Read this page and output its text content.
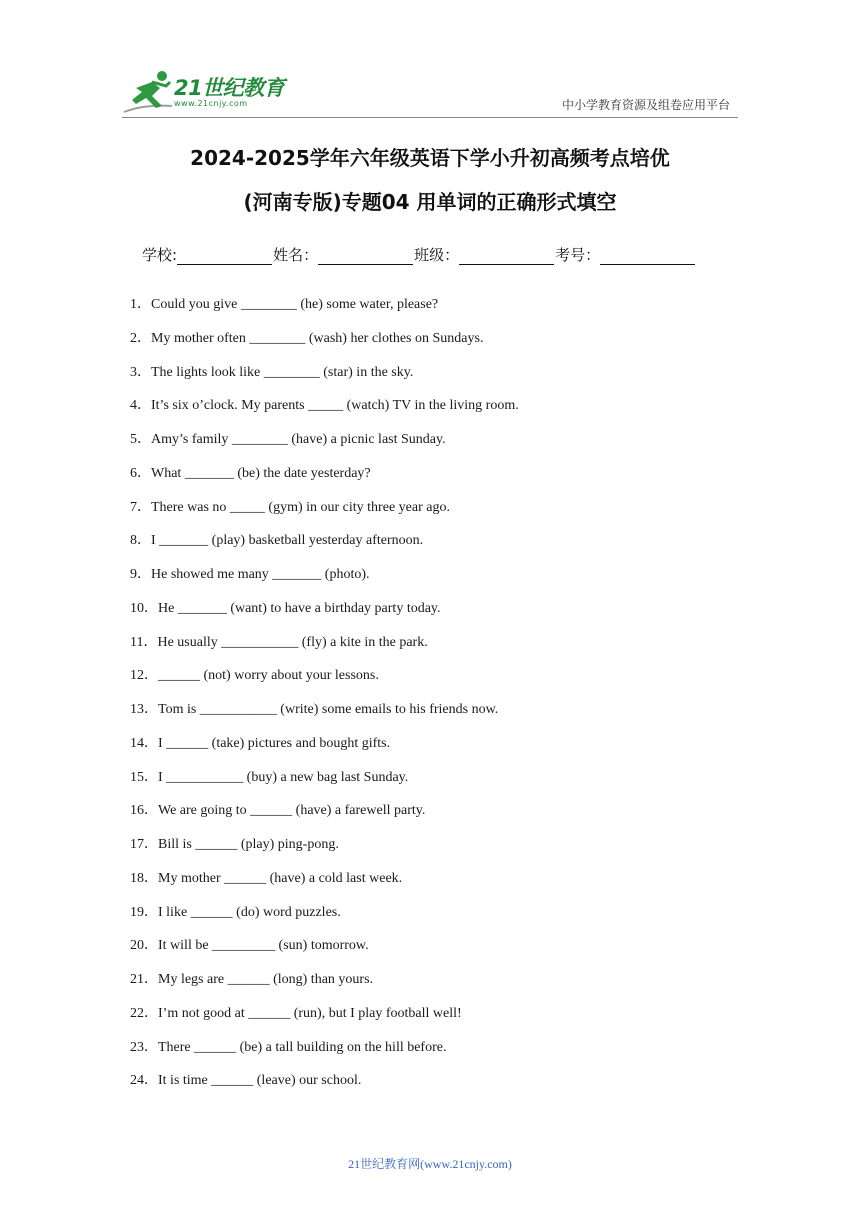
21世纪教育
www.21cnjy.com	中小学教育资源及组卷应用平台
2024-2025学年六年级英语下学小升初高频考点培优
(河南专版)专题04 用单词的正确形式填空
学校:	姓名：	班级：	考号：
1．Could you give ________ (he) some water, please?
2．My mother often ________ (wash) her clothes on Sundays.
3．The lights look like ________ (star) in the sky.
4．It’s six o’clock. My parents _____ (watch) TV in the living room.
5．Amy’s family ________ (have) a picnic last Sunday.
6．What _______ (be) the date yesterday?
7．There was no _____ (gym) in our city three year ago.
8．I _______ (play) basketball yesterday afternoon.
9．He showed me many _______ (photo).
10．He _______ (want) to have a birthday party today.
11．He usually ___________ (fly) a kite in the park.
12．______ (not) worry about your lessons.
13．Tom is ___________ (write) some emails to his friends now.
14．I ______ (take) pictures and bought gifts.
15．I ___________ (buy) a new bag last Sunday.
16．We are going to ______ (have) a farewell party.
17．Bill is ______ (play) ping-pong.
18．My mother ______ (have) a cold last week.
19．I like ______ (do) word puzzles.
20．It will be _________ (sun) tomorrow.
21．My legs are ______ (long) than yours.
22．I’m not good at ______ (run), but I play football well!
23．There ______ (be) a tall building on the hill before.
24．It is time ______ (leave) our school.
21世纪教育网(www.21cnjy.com)
